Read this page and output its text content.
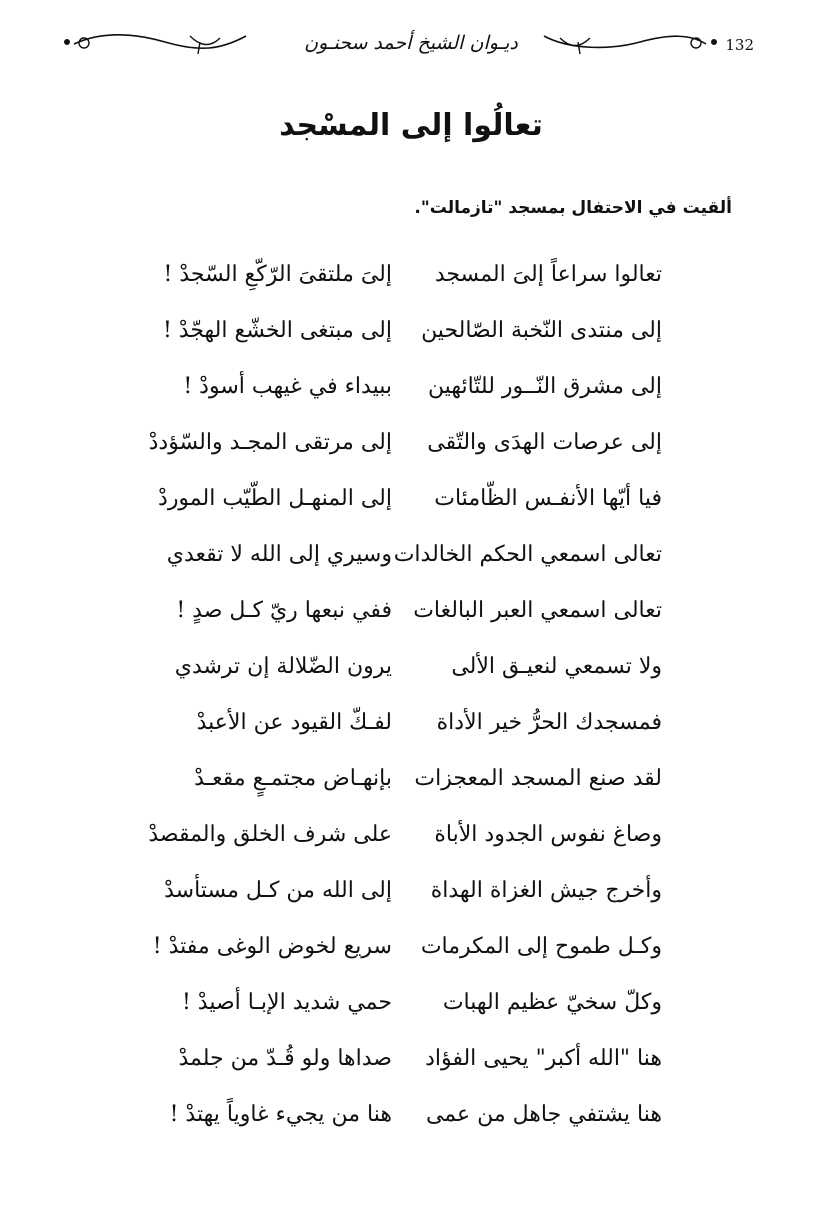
ديـوان الشيخ أحمد سحنـون	132
تعالُوا إلى المسْجد
ألقيت في الاحتفال بمسجد "تازمالت".
تعالوا سراعاً إلىَ المسجد
إلىَ ملتقىَ الرّكّعِ السّجدْ !
إلى منتدى النّخبة الصّالحين
إلى مبتغى الخشّع الهجّدْ !
إلى مشرق النّــور للتّائهين
ببيداء في غيهب أسودْ !
إلى عرصات الهدَى والتّقى
إلى مرتقى المجـد والسّؤددْ
فيا أيّها الأنفـس الظّامئات
إلى المنهـل الطّيّب الموردْ
تعالى اسمعي الحكم الخالدات
وسيري إلى الله لا تقعدي
تعالى اسمعي العبر البالغات
ففي نبعها ريّ كـل صدٍ !
ولا تسمعي لنعيـق الألى
يرون الضّلالة إن ترشدي
فمسجدك الحرُّ خير الأداة
لفـكّ القيود عن الأعبدْ
لقد صنع المسجد المعجزات
بإنهـاض مجتمـعٍ مقعـدْ
وصاغ نفوس الجدود الأباة
على شرف الخلق والمقصدْ
وأخرج جيش الغزاة الهداة
إلى الله من كـل مستأسدْ
وكـل طموح إلى المكرمات
سريع لخوض الوغى مفتدْ !
وكلّ سخيّ عظيم الهبات
حمي شديد الإبـا أصيدْ !
هنا "الله أكبر" يحيى الفؤاد
صداها ولو قُـدّ من جلمدْ
هنا يشتفي جاهل من عمى
هنا من يجيء غاوياً يهتدْ !
